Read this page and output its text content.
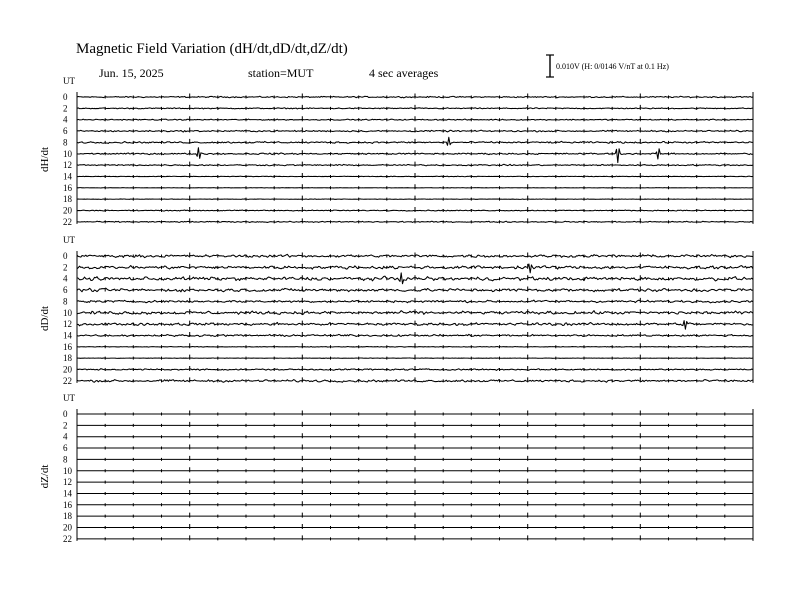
Magnetic Field Variation (dH/dt,dD/dt,dZ/dt)
Jun. 15, 2025	station=MUT	4 sec averages	0.010V (H: 0/0146 V/nT at 0.1 Hz)
UT
dH/dt
0
2
4
6
8
10
12
14
16
18
20
22
UT
dD/dt
0
2
4
6
8
10
12
14
16
18
20
22
UT
dZ/dt
0
2
4
6
8
10
12
14
16
18
20
22
